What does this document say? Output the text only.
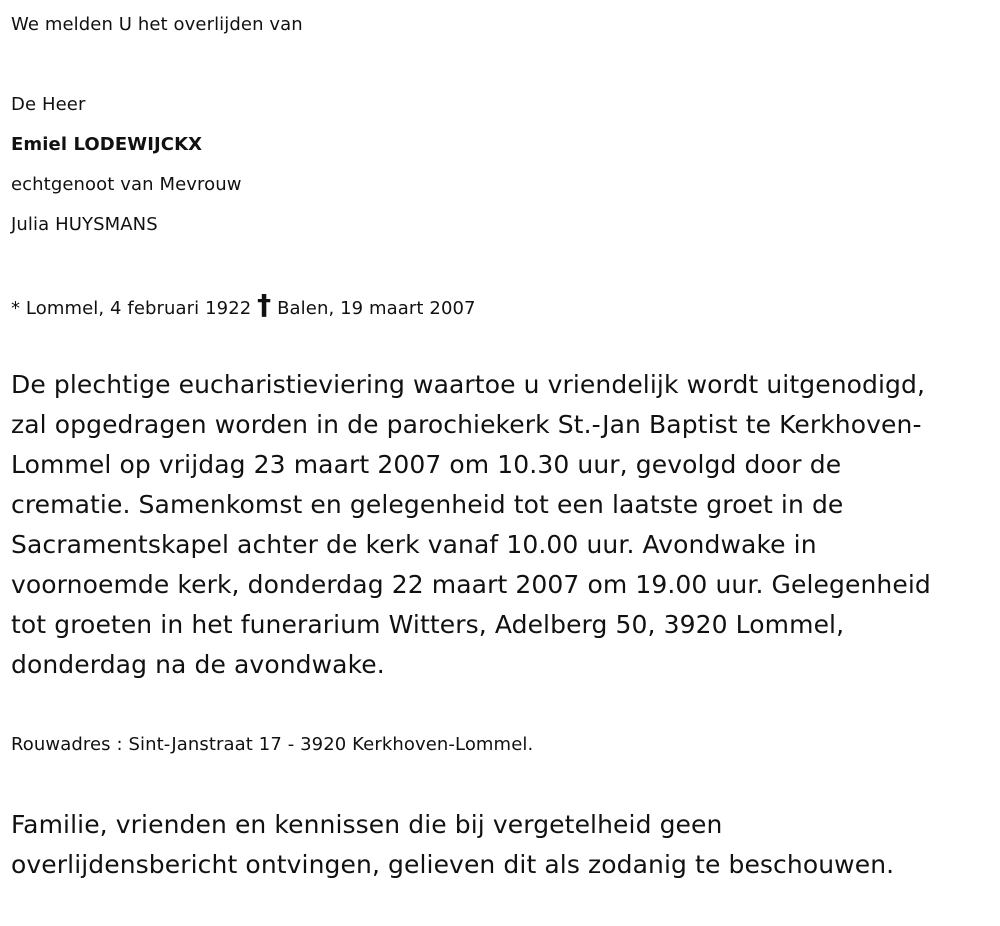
We melden U het overlijden van

De Heer

Emiel LODEWIJCKX

echtgenoot van Mevrouw

Julia HUYSMANS

* Lommel, 4 februari 1922 † Balen, 19 maart 2007

De plechtige eucharistieviering waartoe u vriendelijk wordt uitgenodigd,

zal opgedragen worden in de parochiekerk St.-Jan Baptist te Kerkhoven-

Lommel op vrijdag 23 maart 2007 om 10.30 uur, gevolgd door de

crematie. Samenkomst en gelegenheid tot een laatste groet in de

Sacramentskapel achter de kerk vanaf 10.00 uur. Avondwake in

voornoemde kerk, donderdag 22 maart 2007 om 19.00 uur. Gelegenheid

tot groeten in het funerarium Witters, Adelberg 50, 3920 Lommel,

donderdag na de avondwake.

Rouwadres : Sint-Janstraat 17 - 3920 Kerkhoven-Lommel.

Familie, vrienden en kennissen die bij vergetelheid geen

overlijdensbericht ontvingen, gelieven dit als zodanig te beschouwen.
